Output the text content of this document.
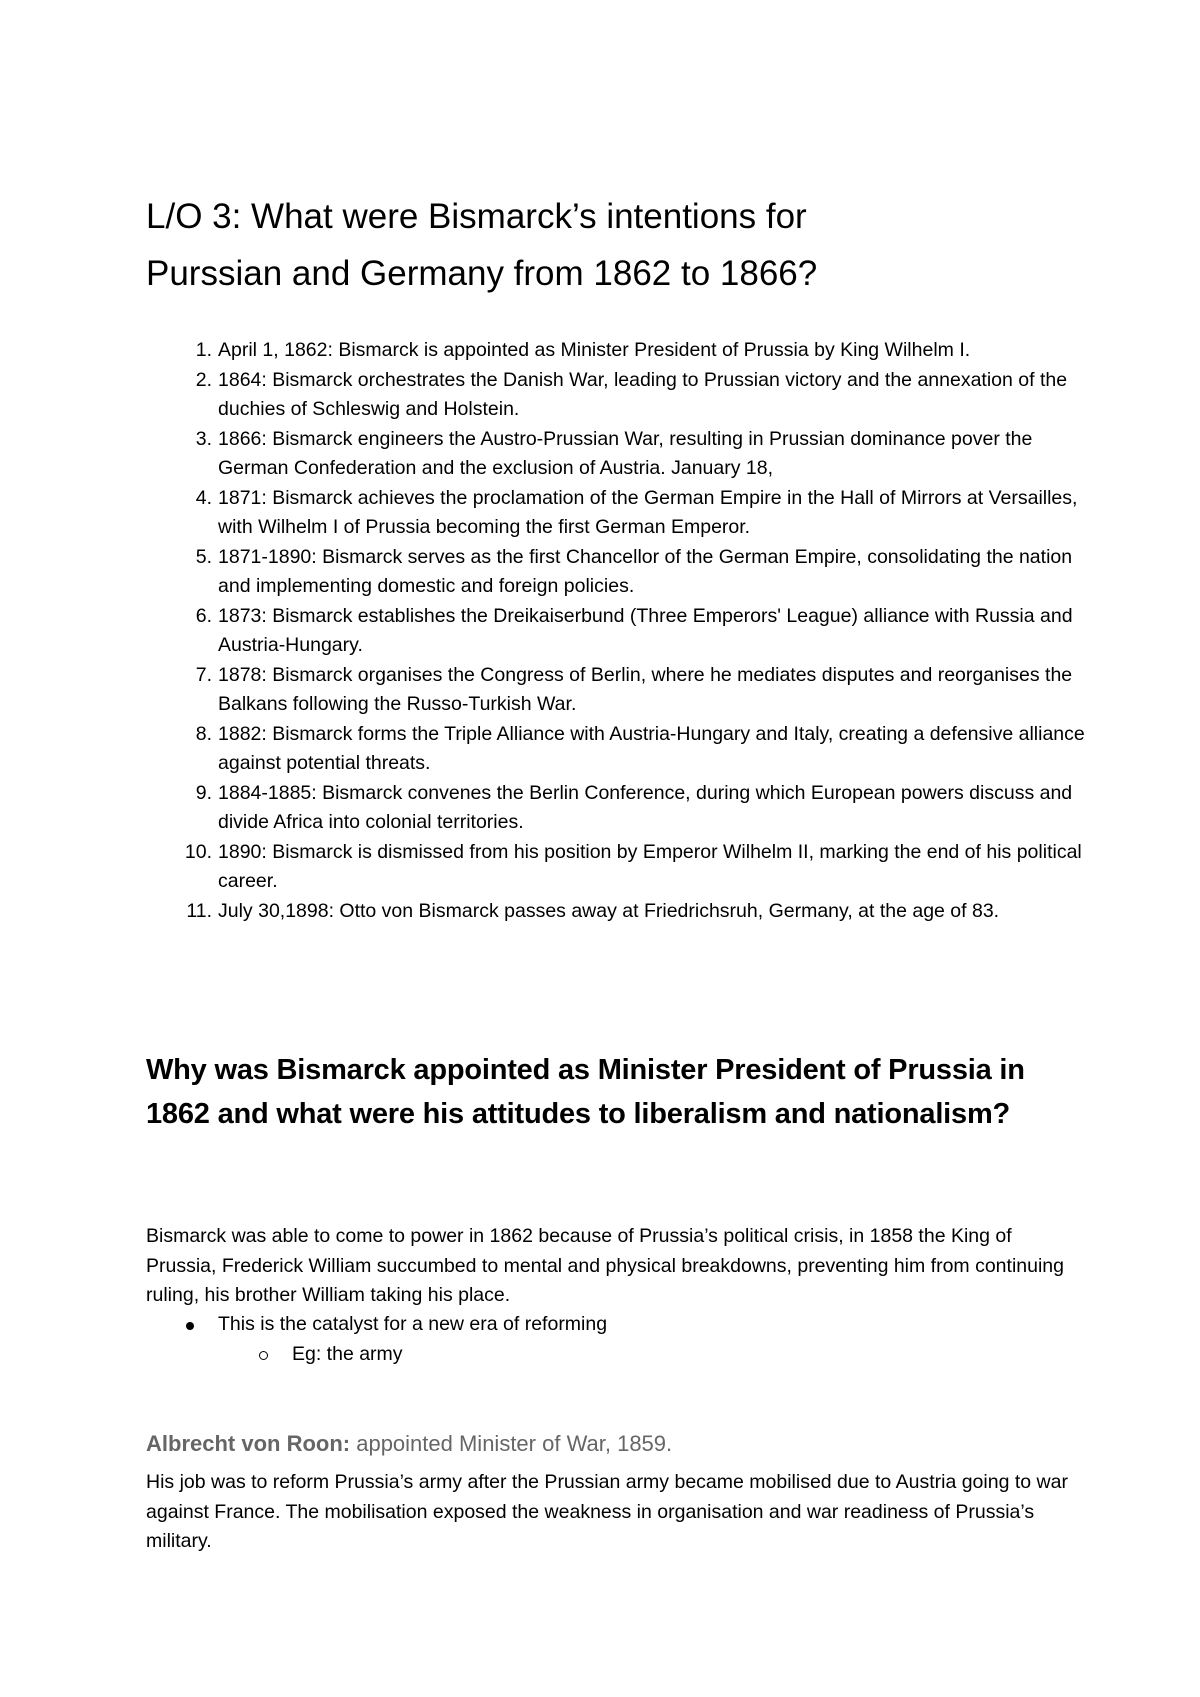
L/O 3: What were Bismarck’s intentions for
Purssian and Germany from 1862 to 1866?
1. April 1, 1862: Bismarck is appointed as Minister President of Prussia by King Wilhelm I.
2. 1864: Bismarck orchestrates the Danish War, leading to Prussian victory and the annexation of the duchies of Schleswig and Holstein.
3. 1866: Bismarck engineers the Austro-Prussian War, resulting in Prussian dominance pover the German Confederation and the exclusion of Austria. January 18,
4. 1871: Bismarck achieves the proclamation of the German Empire in the Hall of Mirrors at Versailles, with Wilhelm I of Prussia becoming the first German Emperor.
5. 1871-1890: Bismarck serves as the first Chancellor of the German Empire, consolidating the nation and implementing domestic and foreign policies.
6. 1873: Bismarck establishes the Dreikaiserbund (Three Emperors' League) alliance with Russia and Austria-Hungary.
7. 1878: Bismarck organises the Congress of Berlin, where he mediates disputes and reorganises the Balkans following the Russo-Turkish War.
8. 1882: Bismarck forms the Triple Alliance with Austria-Hungary and Italy, creating a defensive alliance against potential threats.
9. 1884-1885: Bismarck convenes the Berlin Conference, during which European powers discuss and divide Africa into colonial territories.
10. 1890: Bismarck is dismissed from his position by Emperor Wilhelm II, marking the end of his political career.
11. July 30,1898: Otto von Bismarck passes away at Friedrichsruh, Germany, at the age of 83.
Why was Bismarck appointed as Minister President of Prussia in 1862 and what were his attitudes to liberalism and nationalism?

Bismarck was able to come to power in 1862 because of Prussia’s political crisis, in 1858 the King of Prussia, Frederick William succumbed to mental and physical breakdowns, preventing him from continuing ruling, his brother William taking his place.

This is the catalyst for a new era of reforming
Eg: the army

Albrecht von Roon: appointed Minister of War, 1859.

His job was to reform Prussia’s army after the Prussian army became mobilised due to Austria going to war against France. The mobilisation exposed the weakness in organisation and war readiness of Prussia’s military.
